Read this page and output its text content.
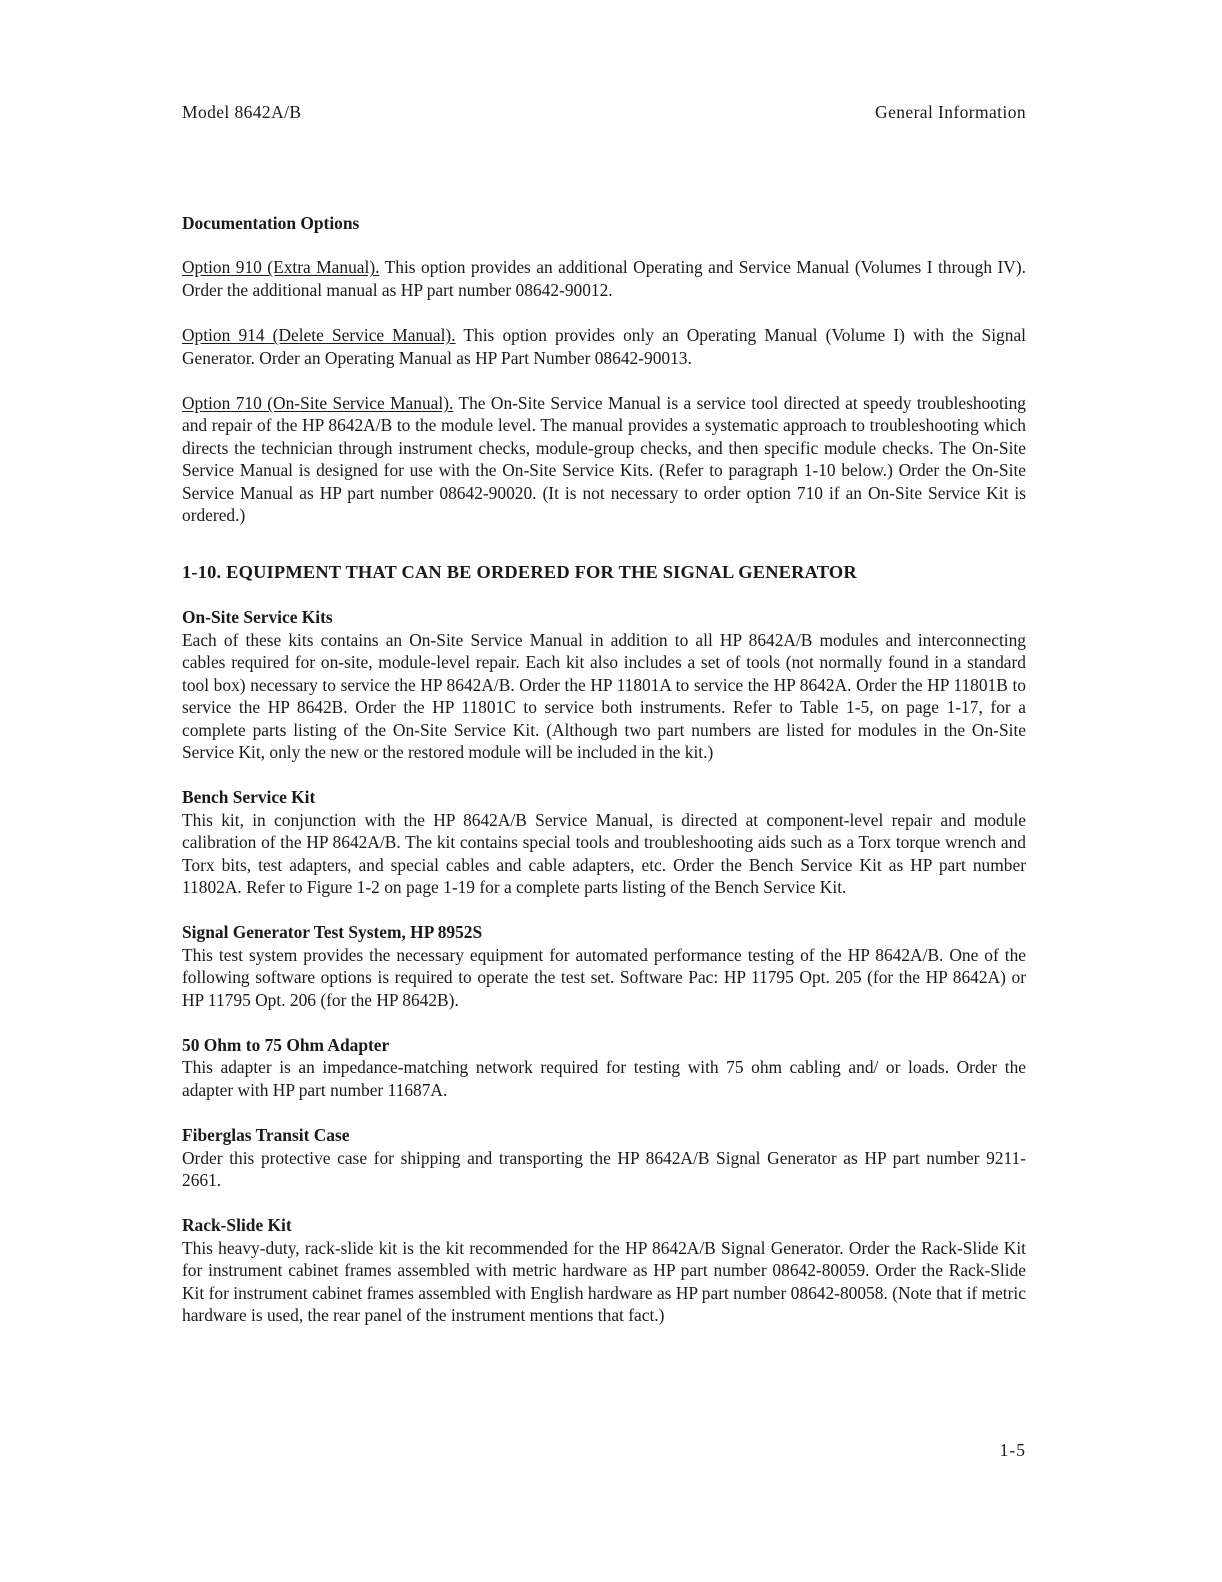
Model 8642A/B	General Information
Documentation Options

Option 910 (Extra Manual). This option provides an additional Operating and Service Manual (Volumes I through IV). Order the additional manual as HP part number 08642-90012.

Option 914 (Delete Service Manual). This option provides only an Operating Manual (Volume I) with the Signal Generator. Order an Operating Manual as HP Part Number 08642-90013.

Option 710 (On-Site Service Manual). The On-Site Service Manual is a service tool directed at speedy troubleshooting and repair of the HP 8642A/B to the module level. The manual provides a systematic approach to troubleshooting which directs the technician through instrument checks, module-group checks, and then specific module checks. The On-Site Service Manual is designed for use with the On-Site Service Kits. (Refer to paragraph 1-10 below.) Order the On-Site Service Manual as HP part number 08642-90020. (It is not necessary to order option 710 if an On-Site Service Kit is ordered.)

1-10. EQUIPMENT THAT CAN BE ORDERED FOR THE SIGNAL GENERATOR
On-Site Service Kits

Each of these kits contains an On-Site Service Manual in addition to all HP 8642A/B modules and interconnecting cables required for on-site, module-level repair. Each kit also includes a set of tools (not normally found in a standard tool box) necessary to service the HP 8642A/B. Order the HP 11801A to service the HP 8642A. Order the HP 11801B to service the HP 8642B. Order the HP 11801C to service both instruments. Refer to Table 1-5, on page 1-17, for a complete parts listing of the On-Site Service Kit. (Although two part numbers are listed for modules in the On-Site Service Kit, only the new or the restored module will be included in the kit.)

Bench Service Kit

This kit, in conjunction with the HP 8642A/B Service Manual, is directed at component-level repair and module calibration of the HP 8642A/B. The kit contains special tools and troubleshooting aids such as a Torx torque wrench and Torx bits, test adapters, and special cables and cable adapters, etc. Order the Bench Service Kit as HP part number 11802A. Refer to Figure 1-2 on page 1-19 for a complete parts listing of the Bench Service Kit.

Signal Generator Test System, HP 8952S

This test system provides the necessary equipment for automated performance testing of the HP 8642A/B. One of the following software options is required to operate the test set. Software Pac: HP 11795 Opt. 205 (for the HP 8642A) or HP 11795 Opt. 206 (for the HP 8642B).

50 Ohm to 75 Ohm Adapter

This adapter is an impedance-matching network required for testing with 75 ohm cabling and/ or loads. Order the adapter with HP part number 11687A.

Fiberglas Transit Case

Order this protective case for shipping and transporting the HP 8642A/B Signal Generator as HP part number 9211-2661.

Rack-Slide Kit

This heavy-duty, rack-slide kit is the kit recommended for the HP 8642A/B Signal Generator. Order the Rack-Slide Kit for instrument cabinet frames assembled with metric hardware as HP part number 08642-80059. Order the Rack-Slide Kit for instrument cabinet frames assembled with English hardware as HP part number 08642-80058. (Note that if metric hardware is used, the rear panel of the instrument mentions that fact.)

1-5
